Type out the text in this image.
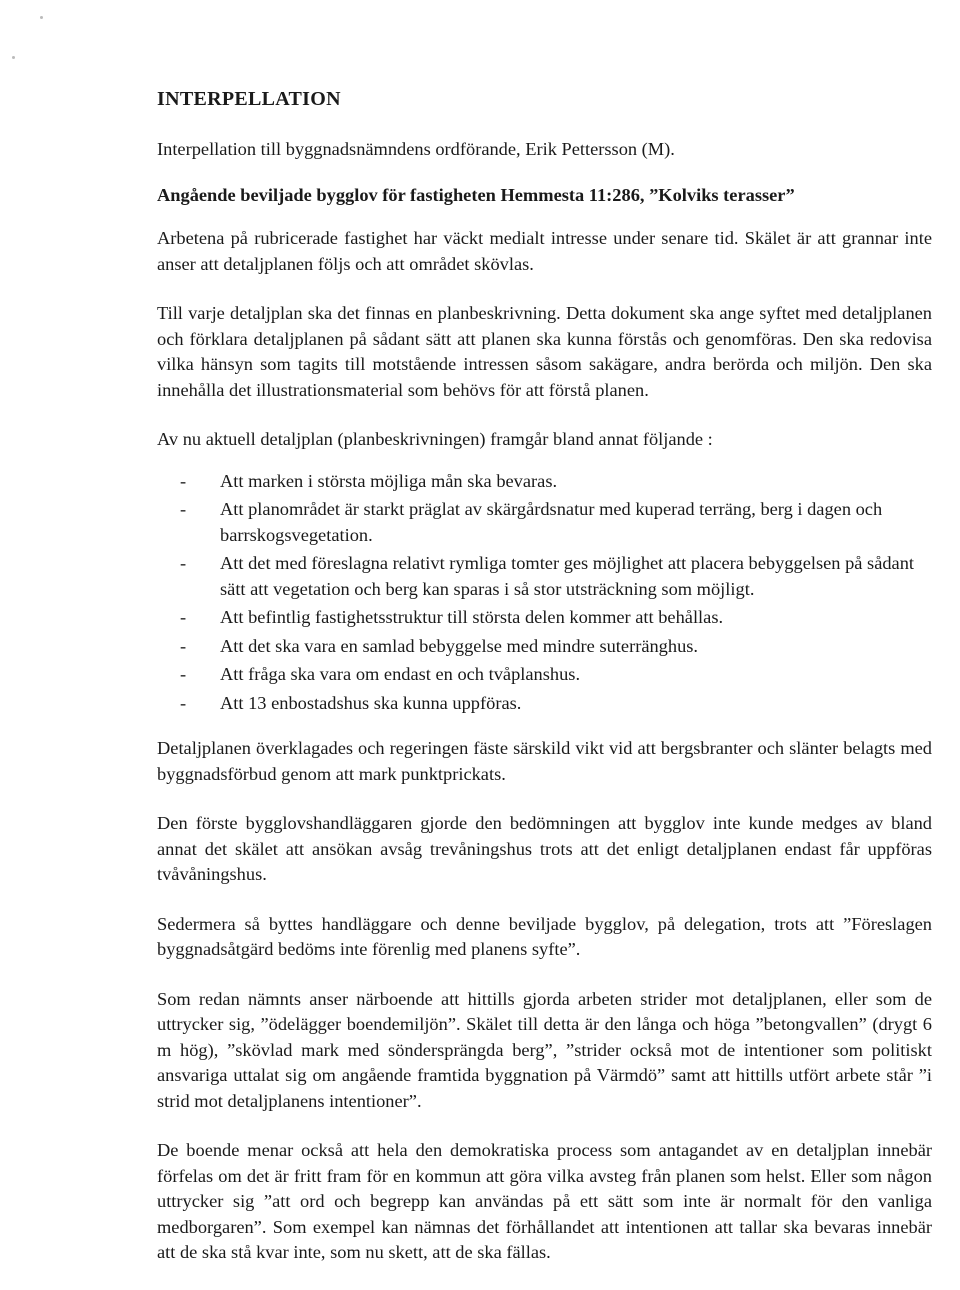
INTERPELLATION

Interpellation till byggnadsnämndens ordförande, Erik Pettersson (M).

Angående beviljade bygglov för fastigheten Hemmesta 11:286, ”Kolviks terasser”

Arbetena på rubricerade fastighet har väckt medialt intresse under senare tid. Skälet är att grannar inte anser att detaljplanen följs och att området skövlas.

Till varje detaljplan ska det finnas en planbeskrivning. Detta dokument ska ange syftet med detaljplanen och förklara detaljplanen på sådant sätt att planen ska kunna förstås och genomföras. Den ska redovisa vilka hänsyn som tagits till motstående intressen såsom sakägare, andra berörda och miljön. Den ska innehålla det illustrationsmaterial som behövs för att förstå planen.

Av nu aktuell detaljplan (planbeskrivningen) framgår bland annat följande :

- Att marken i största möjliga mån ska bevaras.
- Att planområdet är starkt präglat av skärgårdsnatur med kuperad terräng, berg i dagen och barrskogsvegetation.
- Att det med föreslagna relativt rymliga tomter ges möjlighet att placera bebyggelsen på sådant sätt att vegetation och berg kan sparas i så stor utsträckning som möjligt.
- Att befintlig fastighetsstruktur till största delen kommer att behållas.
- Att det ska vara en samlad bebyggelse med mindre suterränghus.
- Att fråga ska vara om endast en och tvåplanshus.
- Att 13 enbostadshus ska kunna uppföras.

Detaljplanen överklagades och regeringen fäste särskild vikt vid att bergsbranter och slänter belagts med byggnadsförbud genom att mark punktprickats.

Den förste bygglovshandläggaren gjorde den bedömningen att bygglov inte kunde medges av bland annat det skälet att ansökan avsåg trevåningshus trots att det enligt detaljplanen endast får uppföras tvåvåningshus.

Sedermera så byttes handläggare och denne beviljade bygglov, på delegation, trots att ”Föreslagen byggnadsåtgärd bedöms inte förenlig med planens syfte”.

Som redan nämnts anser närboende att hittills gjorda arbeten strider mot detaljplanen, eller som de uttrycker sig, ”ödelägger boendemiljön”. Skälet till detta är den långa och höga ”betongvallen” (drygt 6 m hög), ”skövlad mark med söndersprängda berg”, ”strider också mot de intentioner som politiskt ansvariga uttalat sig om angående framtida byggnation på Värmdö” samt att hittills utfört arbete står ”i strid mot detaljplanens intentioner”.

De boende menar också att hela den demokratiska process som antagandet av en detaljplan innebär förfelas om det är fritt fram för en kommun att göra vilka avsteg från planen som helst. Eller som någon uttrycker sig ”att ord och begrepp kan användas på ett sätt som inte är normalt för den vanliga medborgaren”. Som exempel kan nämnas det förhållandet att intentionen att tallar ska bevaras innebär att de ska stå kvar inte, som nu skett, att de ska fällas.
